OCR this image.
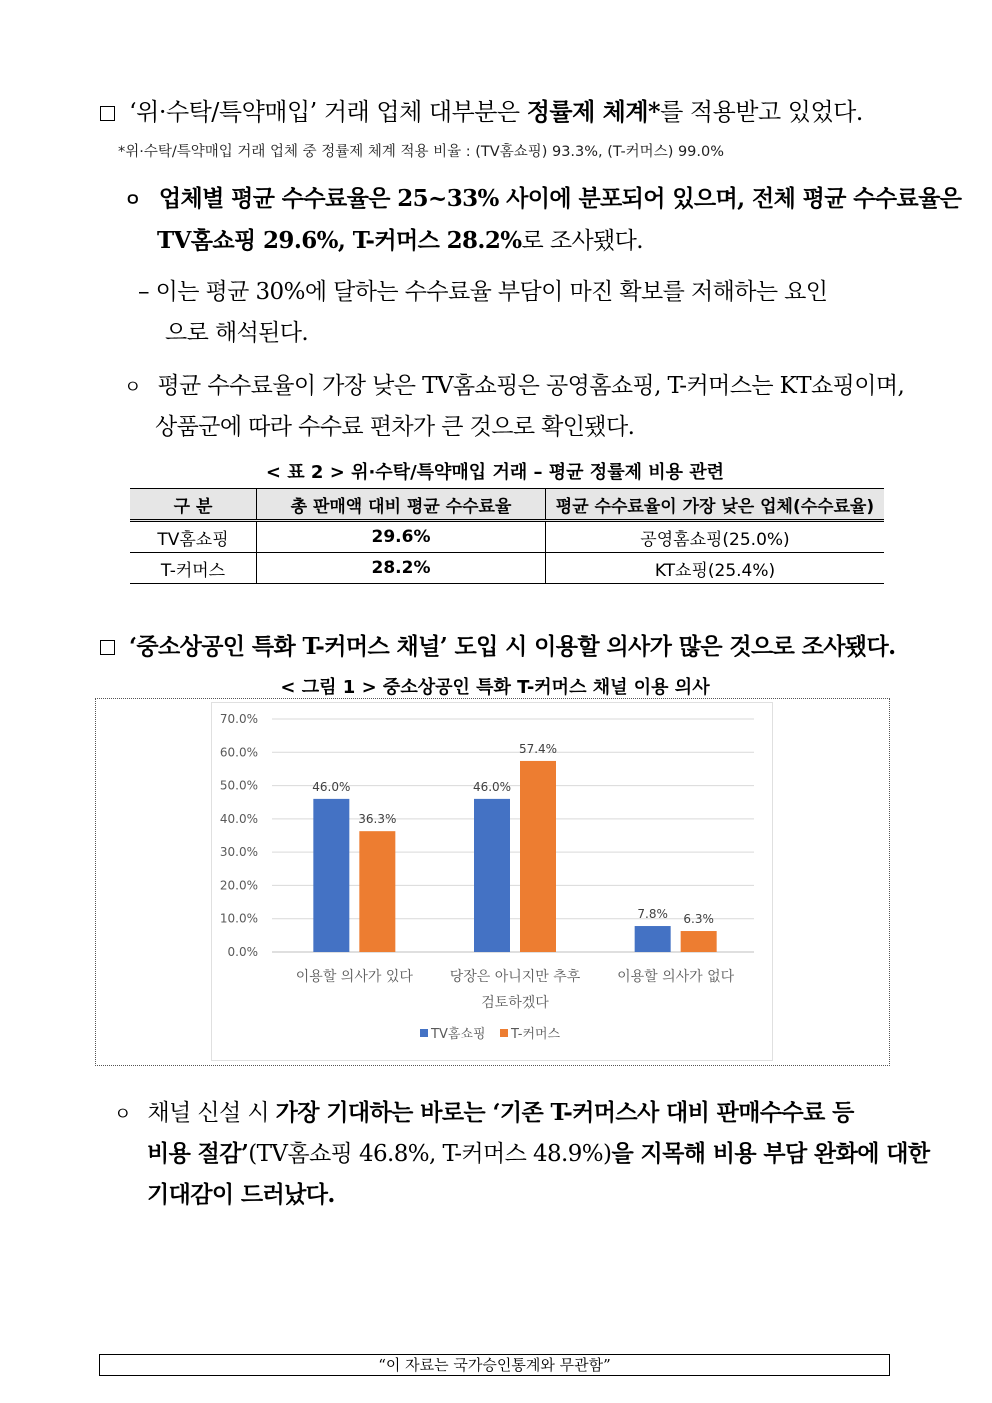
‘위·수탁/특약매입’ 거래 업체 대부분은 정률제 체계*를 적용받고 있었다.
*위·수탁/특약매입 거래 업체 중 정률제 체계 적용 비율 : (TV홈쇼핑) 93.3%, (T-커머스) 99.0%
ㅇ 업체별 평균 수수료율은 25~33% 사이에 분포되어 있으며, 전체 평균 수수료율은
TV홈쇼핑 29.6%, T-커머스 28.2%로 조사됐다.
– 이는 평균 30%에 달하는 수수료율 부담이 마진 확보를 저해하는 요인
으로 해석된다.
ㅇ 평균 수수료율이 가장 낮은 TV홈쇼핑은 공영홈쇼핑, T-커머스는 KT쇼핑이며,
상품군에 따라 수수료 편차가 큰 것으로 확인됐다.
< 표 2 > 위·수탁/특약매입 거래 – 평균 정률제 비용 관련
구 분	총 판매액 대비 평균 수수료율	평균 수수료율이 가장 낮은 업체(수수료율)
TV홈쇼핑	29.6%	공영홈쇼핑(25.0%)
T-커머스	28.2%	KT쇼핑(25.4%)
‘중소상공인 특화 T-커머스 채널’ 도입 시 이용할 의사가 많은 것으로 조사됐다.
< 그림 1 > 중소상공인 특화 T-커머스 채널 이용 의사
0.0%
10.0%
20.0%
30.0%
40.0%
50.0%
60.0%
70.0%
46.0%	46.0%
7.8%
36.3%
57.4%
6.3%
이용할 의사가 있다	당장은 아니지만 추후
검토하겠다
이용할 의사가 없다
TV홈쇼핑 T-커머스
ㅇ 채널 신설 시 가장 기대하는 바로는 ‘기존 T-커머스사 대비 판매수수료 등
비용 절감’(TV홈쇼핑 46.8%, T-커머스 48.9%)을 지목해 비용 부담 완화에 대한
기대감이 드러났다.
“이 자료는 국가승인통계와 무관함”
